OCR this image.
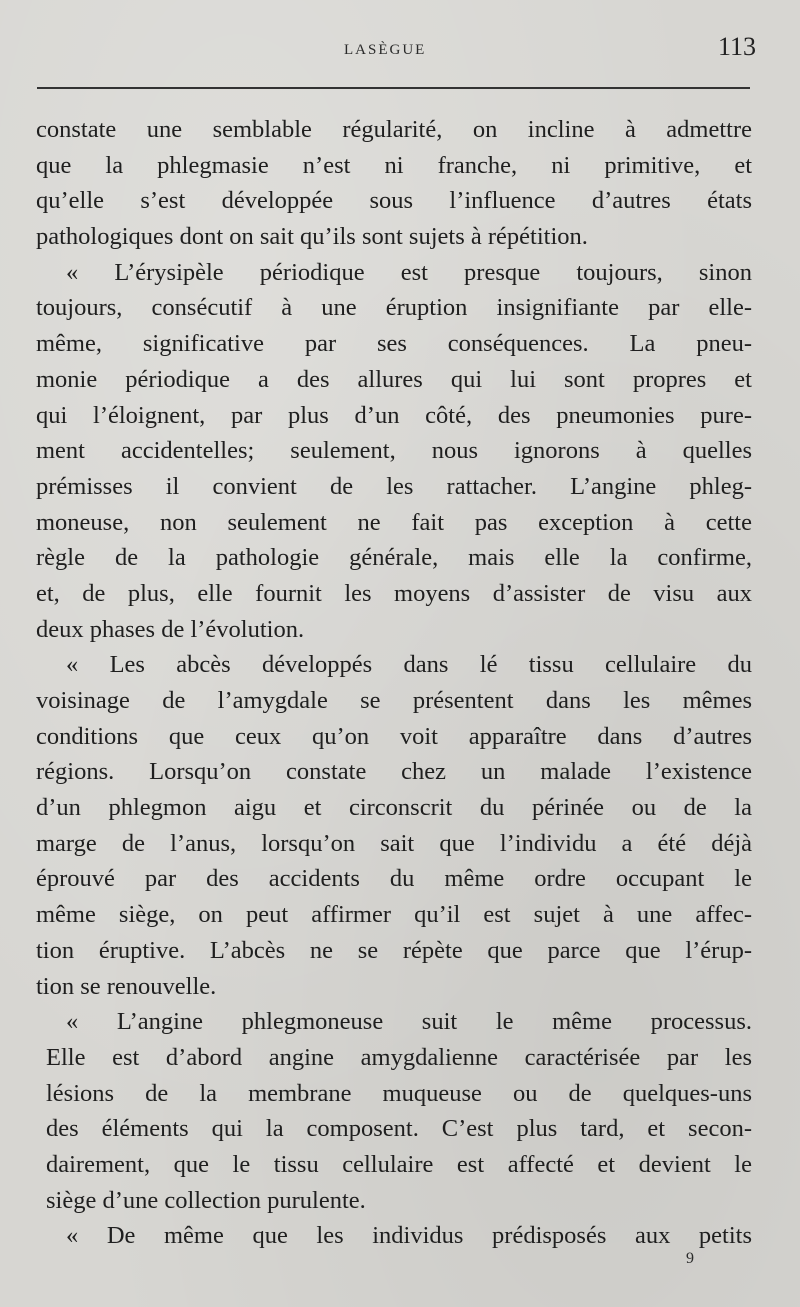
LASÈGUE	113
constate une semblable régularité, on incline à admettre
que la phlegmasie n’est ni franche, ni primitive, et
qu’elle s’est développée sous l’influence d’autres états
pathologiques dont on sait qu’ils sont sujets à répétition.
« L’érysipèle périodique est presque toujours, sinon
toujours, consécutif à une éruption insignifiante par elle-
même, significative par ses conséquences. La pneu-
monie périodique a des allures qui lui sont propres et
qui l’éloignent, par plus d’un côté, des pneumonies pure-
ment accidentelles; seulement, nous ignorons à quelles
prémisses il convient de les rattacher. L’angine phleg-
moneuse, non seulement ne fait pas exception à cette
règle de la pathologie générale, mais elle la confirme,
et, de plus, elle fournit les moyens d’assister de visu aux
deux phases de l’évolution.
« Les abcès développés dans lé tissu cellulaire du
voisinage de l’amygdale se présentent dans les mêmes
conditions que ceux qu’on voit apparaître dans d’autres
régions. Lorsqu’on constate chez un malade l’existence
d’un phlegmon aigu et circonscrit du périnée ou de la
marge de l’anus, lorsqu’on sait que l’individu a été déjà
éprouvé par des accidents du même ordre occupant le
même siège, on peut affirmer qu’il est sujet à une affec-
tion éruptive. L’abcès ne se répète que parce que l’érup-
tion se renouvelle.
« L’angine phlegmoneuse suit le même processus.
Elle est d’abord angine amygdalienne caractérisée par les
lésions de la membrane muqueuse ou de quelques-uns
des éléments qui la composent. C’est plus tard, et secon-
dairement, que le tissu cellulaire est affecté et devient le
siège d’une collection purulente.
« De même que les individus prédisposés aux petits
9
